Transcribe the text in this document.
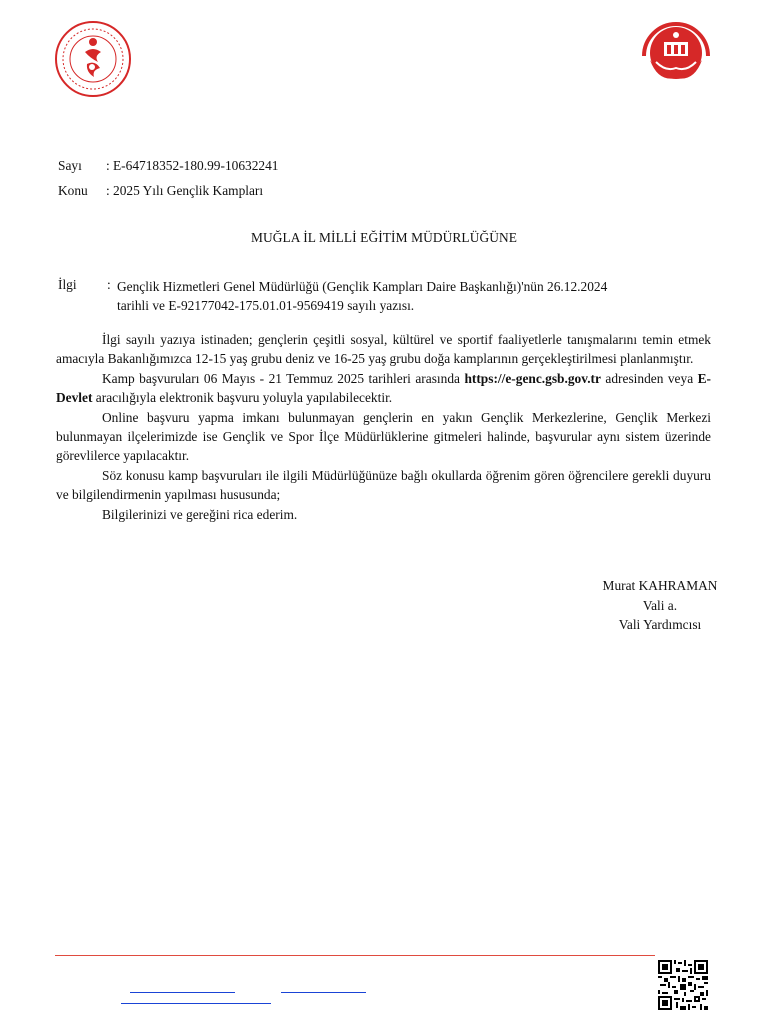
Sayı : E-64718352-180.99-10632241
Konu : 2025 Yılı Gençlik Kampları
MUĞLA İL MİLLİ EĞİTİM MÜDÜRLÜĞÜNE
İlgi : Gençlik Hizmetleri Genel Müdürlüğü (Gençlik Kampları Daire Başkanlığı)'nün 26.12.2024
tarihli ve E-92177042-175.01.01-9569419 sayılı yazısı.

İlgi sayılı yazıya istinaden; gençlerin çeşitli sosyal, kültürel ve sportif faaliyetlerle tanışmalarını temin etmek amacıyla Bakanlığımızca 12-15 yaş grubu deniz ve 16-25 yaş grubu doğa kamplarının gerçekleştirilmesi planlanmıştır.

Kamp başvuruları 06 Mayıs - 21 Temmuz 2025 tarihleri arasında https://e-genc.gsb.gov.tr adresinden veya E-Devlet aracılığıyla elektronik başvuru yoluyla yapılabilecektir.

Online başvuru yapma imkanı bulunmayan gençlerin en yakın Gençlik Merkezlerine, Gençlik Merkezi bulunmayan ilçelerimizde ise Gençlik ve Spor İlçe Müdürlüklerine gitmeleri halinde, başvurular aynı sistem üzerinde görevlilerce yapılacaktır.

Söz konusu kamp başvuruları ile ilgili Müdürlüğünüze bağlı okullarda öğrenim gören öğrencilere gerekli duyuru ve bilgilendirmenin yapılması hususunda;

Bilgilerinizi ve gereğini rica ederim.

Murat KAHRAMAN
Vali a.
Vali Yardımcısı
